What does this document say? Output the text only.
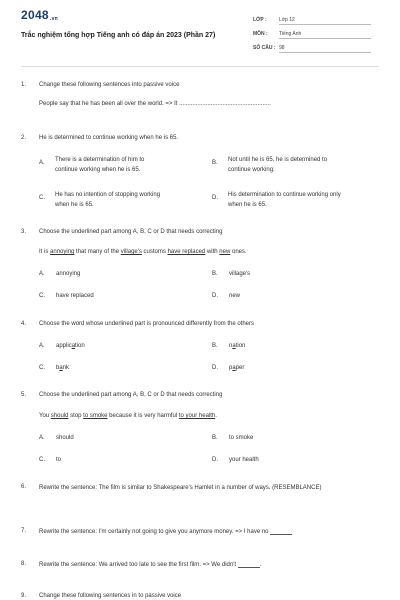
2048.vn
Trắc nghiệm tổng hợp Tiếng anh có đáp án 2023 (Phần 27)
LỚP : Lớp 12
MÔN : Tiếng Anh
SỐ CÂU : 98
1. Change these following sentences into passive voice
People say that he has been all over the world. => It .......................................................
2. He is determined to continue working when he is 65.
A. There is a determination of him to
continue working when he is 65.
B. Not until he is 65, he is determined to
continue working.
C. He has no intention of stopping working
when he is 65.
D. His determination to continue working only
when he is 65.
3. Choose the underlined part among A, B, C or D that needs correcting
It is annoying that many of the village's customs have replaced with new ones.
A. annoying	B. village's
C. have replaced	D. new
4. Choose the word whose underlined part is pronounced differently from the others
A. application	B. nation
C. bank	D. paper
5. Choose the underlined part among A, B, C or D that needs correcting
You should stop to smoke because it is very harmful to your health.
A. should	B. to smoke
C. to	D. your health
6. Rewrite the sentence: The film is similar to Shakespeare's Hamlet in a number of ways. (RESEMBLANCE)
7. Rewrite the sentence: I'm certainly not going to give you anymore money. => I have no
8. Rewrite the sentence: We arrived too late to see the first film. => We didn't	.
9. Change these following sentences in to passive voice
